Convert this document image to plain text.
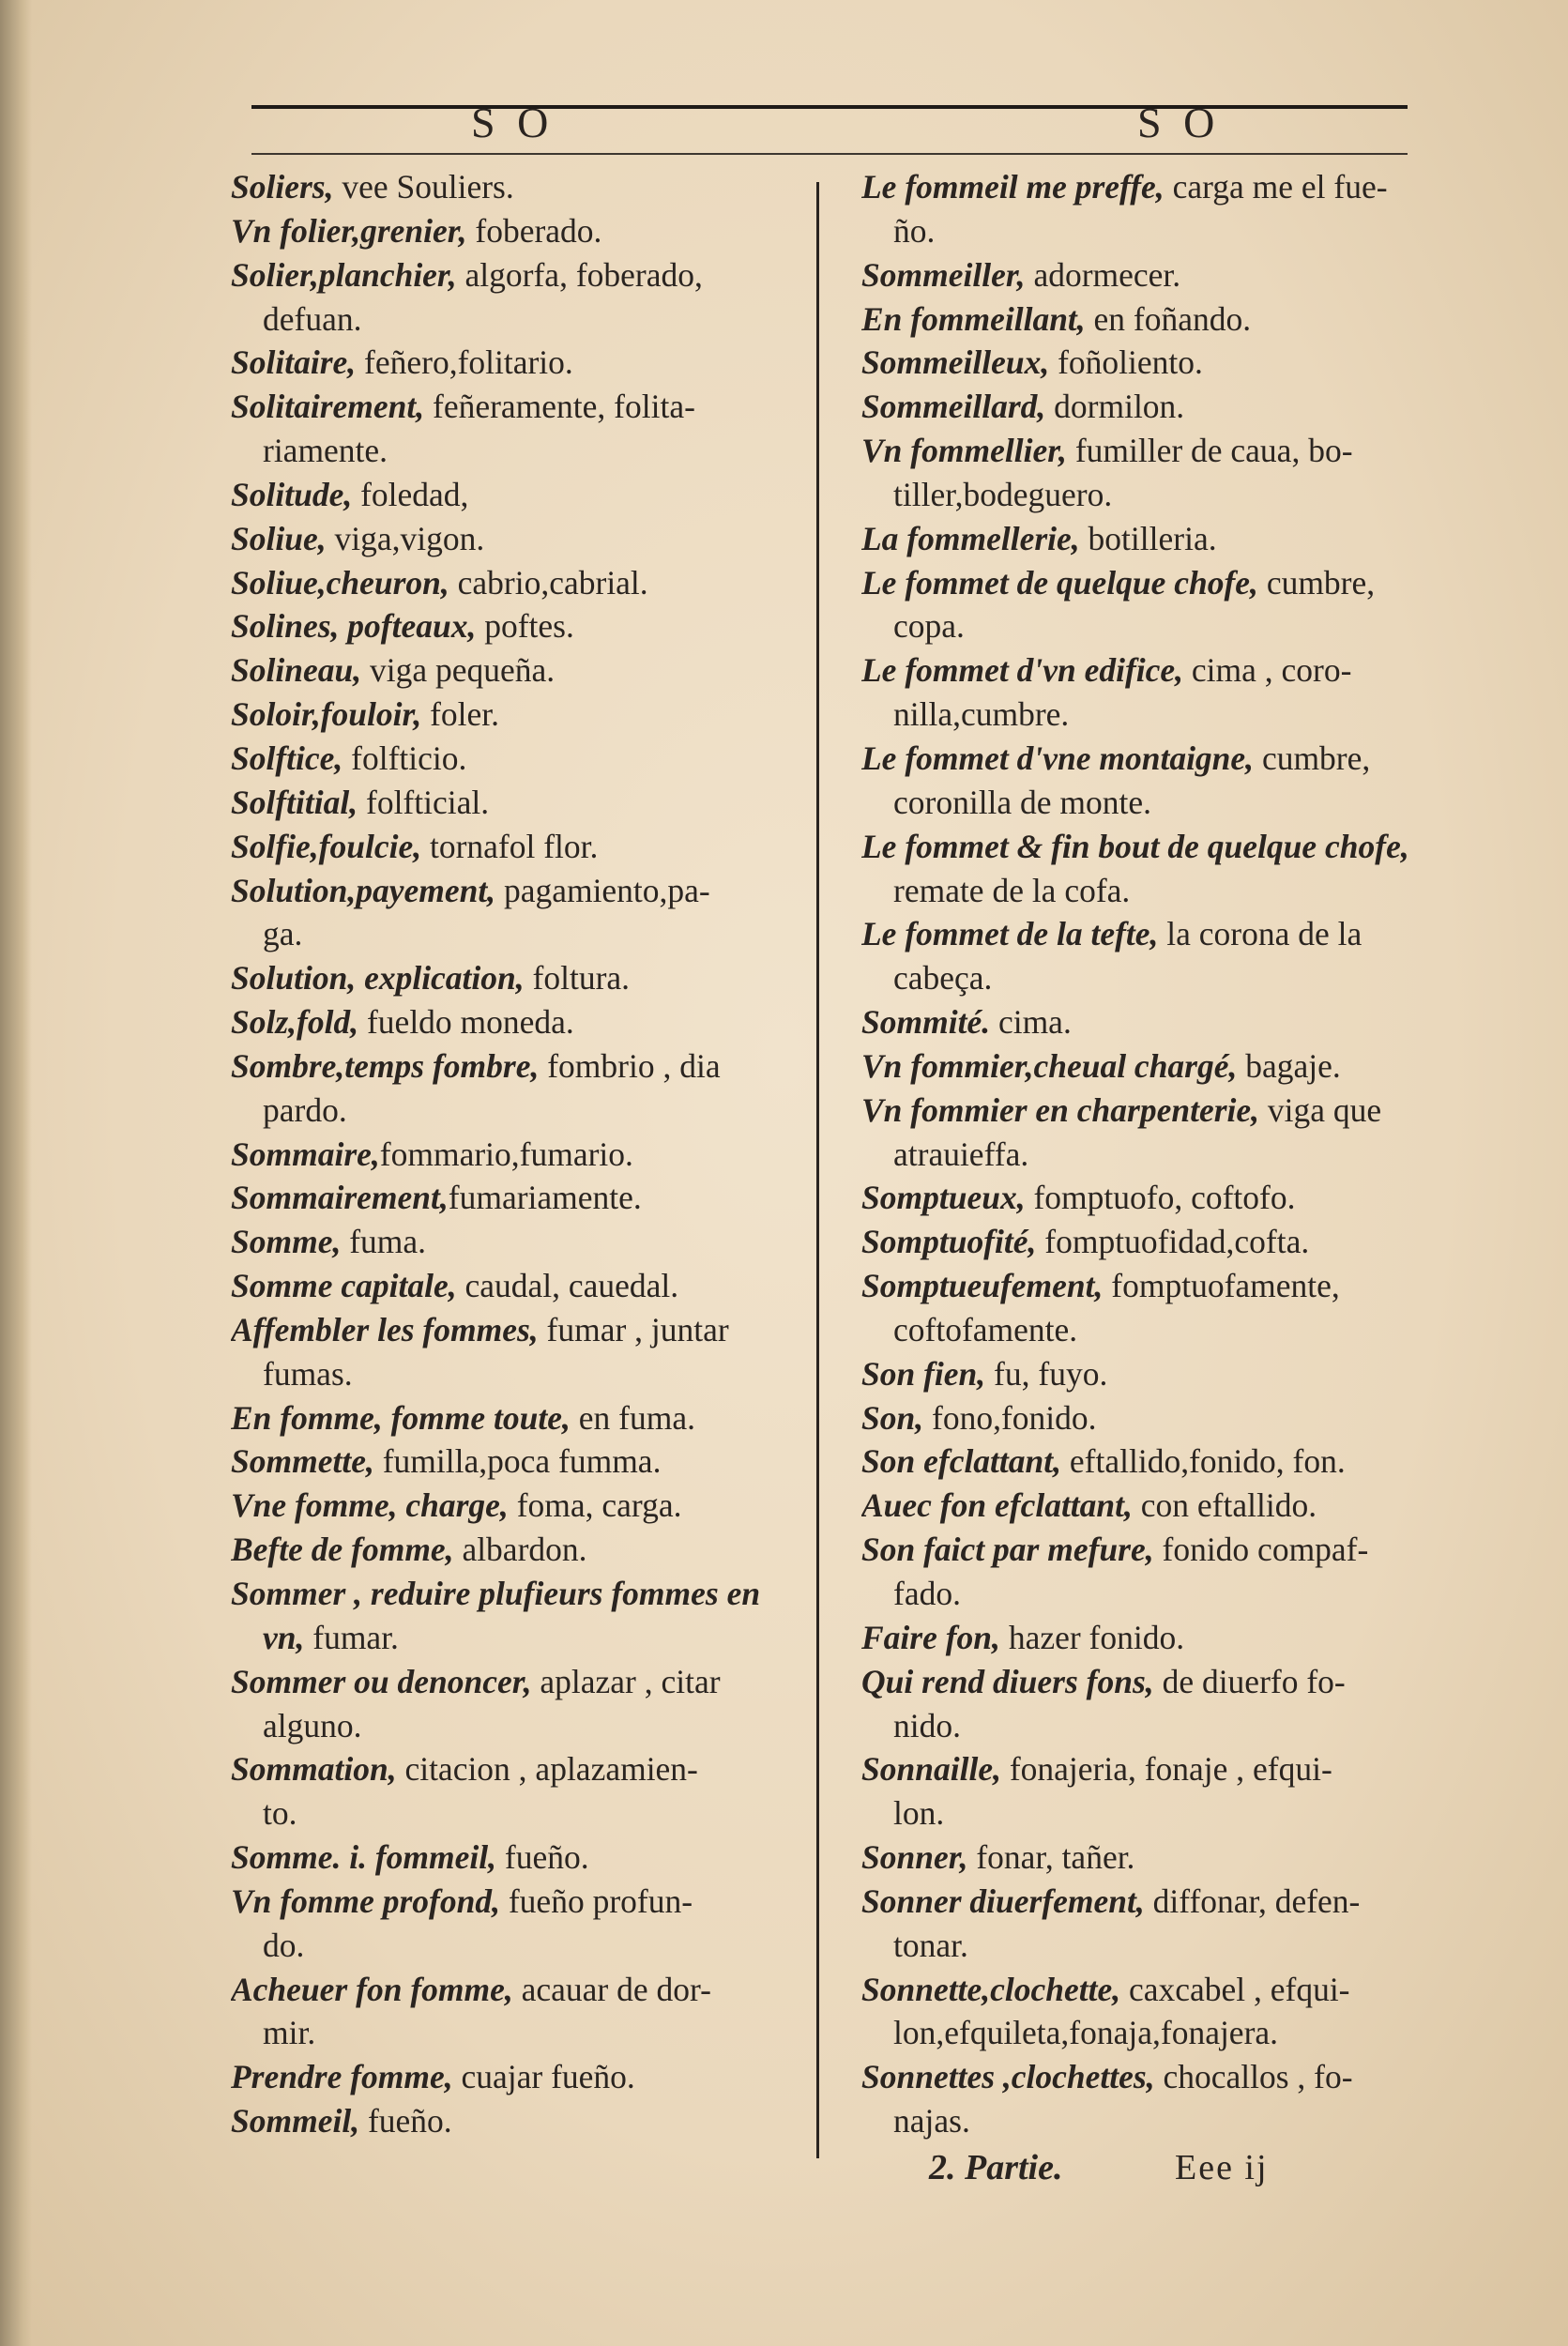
S O	S O
Soliers, vee Souliers.
Vn folier,grenier, foberado.
Solier,planchier, algorfa, foberado,
defuan.
Solitaire, feñero,folitario.
Solitairement, feñeramente, folita-
riamente.
Solitude, foledad,
Soliue, viga,vigon.
Soliue,cheuron, cabrio,cabrial.
Solines, pofteaux, poftes.
Solineau, viga pequeña.
Soloir,fouloir, foler.
Solftice, folfticio.
Solftitial, folfticial.
Solfie,foulcie, tornafol flor.
Solution,payement, pagamiento,pa-
ga.
Solution, explication, foltura.
Solz,fold, fueldo moneda.
Sombre,temps fombre, fombrio , dia
pardo.
Sommaire,fommario,fumario.
Sommairement,fumariamente.
Somme, fuma.
Somme capitale, caudal, cauedal.
Affembler les fommes, fumar , juntar
fumas.
En fomme, fomme toute, en fuma.
Sommette, fumilla,poca fumma.
Vne fomme, charge, foma, carga.
Befte de fomme, albardon.
Sommer , reduire plufieurs fommes en
vn, fumar.
Sommer ou denoncer, aplazar , citar
alguno.
Sommation, citacion , aplazamien-
to.
Somme. i. fommeil, fueño.
Vn fomme profond, fueño profun-
do.
Acheuer fon fomme, acauar de dor-
mir.
Prendre fomme, cuajar fueño.
Sommeil, fueño.
Le fommeil me preffe, carga me el fue-
ño.
Sommeiller, adormecer.
En fommeillant, en foñando.
Sommeilleux, foñoliento.
Sommeillard, dormilon.
Vn fommellier, fumiller de caua, bo-
tiller,bodeguero.
La fommellerie, botilleria.
Le fommet de quelque chofe, cumbre,
copa.
Le fommet d'vn edifice, cima , coro-
nilla,cumbre.
Le fommet d'vne montaigne, cumbre,
coronilla de monte.
Le fommet & fin bout de quelque chofe,
remate de la cofa.
Le fommet de la tefte, la corona de la
cabeça.
Sommité. cima.
Vn fommier,cheual chargé, bagaje.
Vn fommier en charpenterie, viga que
atrauieffa.
Somptueux, fomptuofo, coftofo.
Somptuofité, fomptuofidad,cofta.
Somptueufement, fomptuofamente,
coftofamente.
Son fien, fu, fuyo.
Son, fono,fonido.
Son efclattant, eftallido,fonido, fon.
Auec fon efclattant, con eftallido.
Son faict par mefure, fonido compaf-
fado.
Faire fon, hazer fonido.
Qui rend diuers fons, de diuerfo fo-
nido.
Sonnaille, fonajeria, fonaje , efqui-
lon.
Sonner, fonar, tañer.
Sonner diuerfement, diffonar, defen-
tonar.
Sonnette,clochette, caxcabel , efqui-
lon,efquileta,fonaja,fonajera.
Sonnettes ,clochettes, chocallos , fo-
najas.
2. Partie.	Eee ij
